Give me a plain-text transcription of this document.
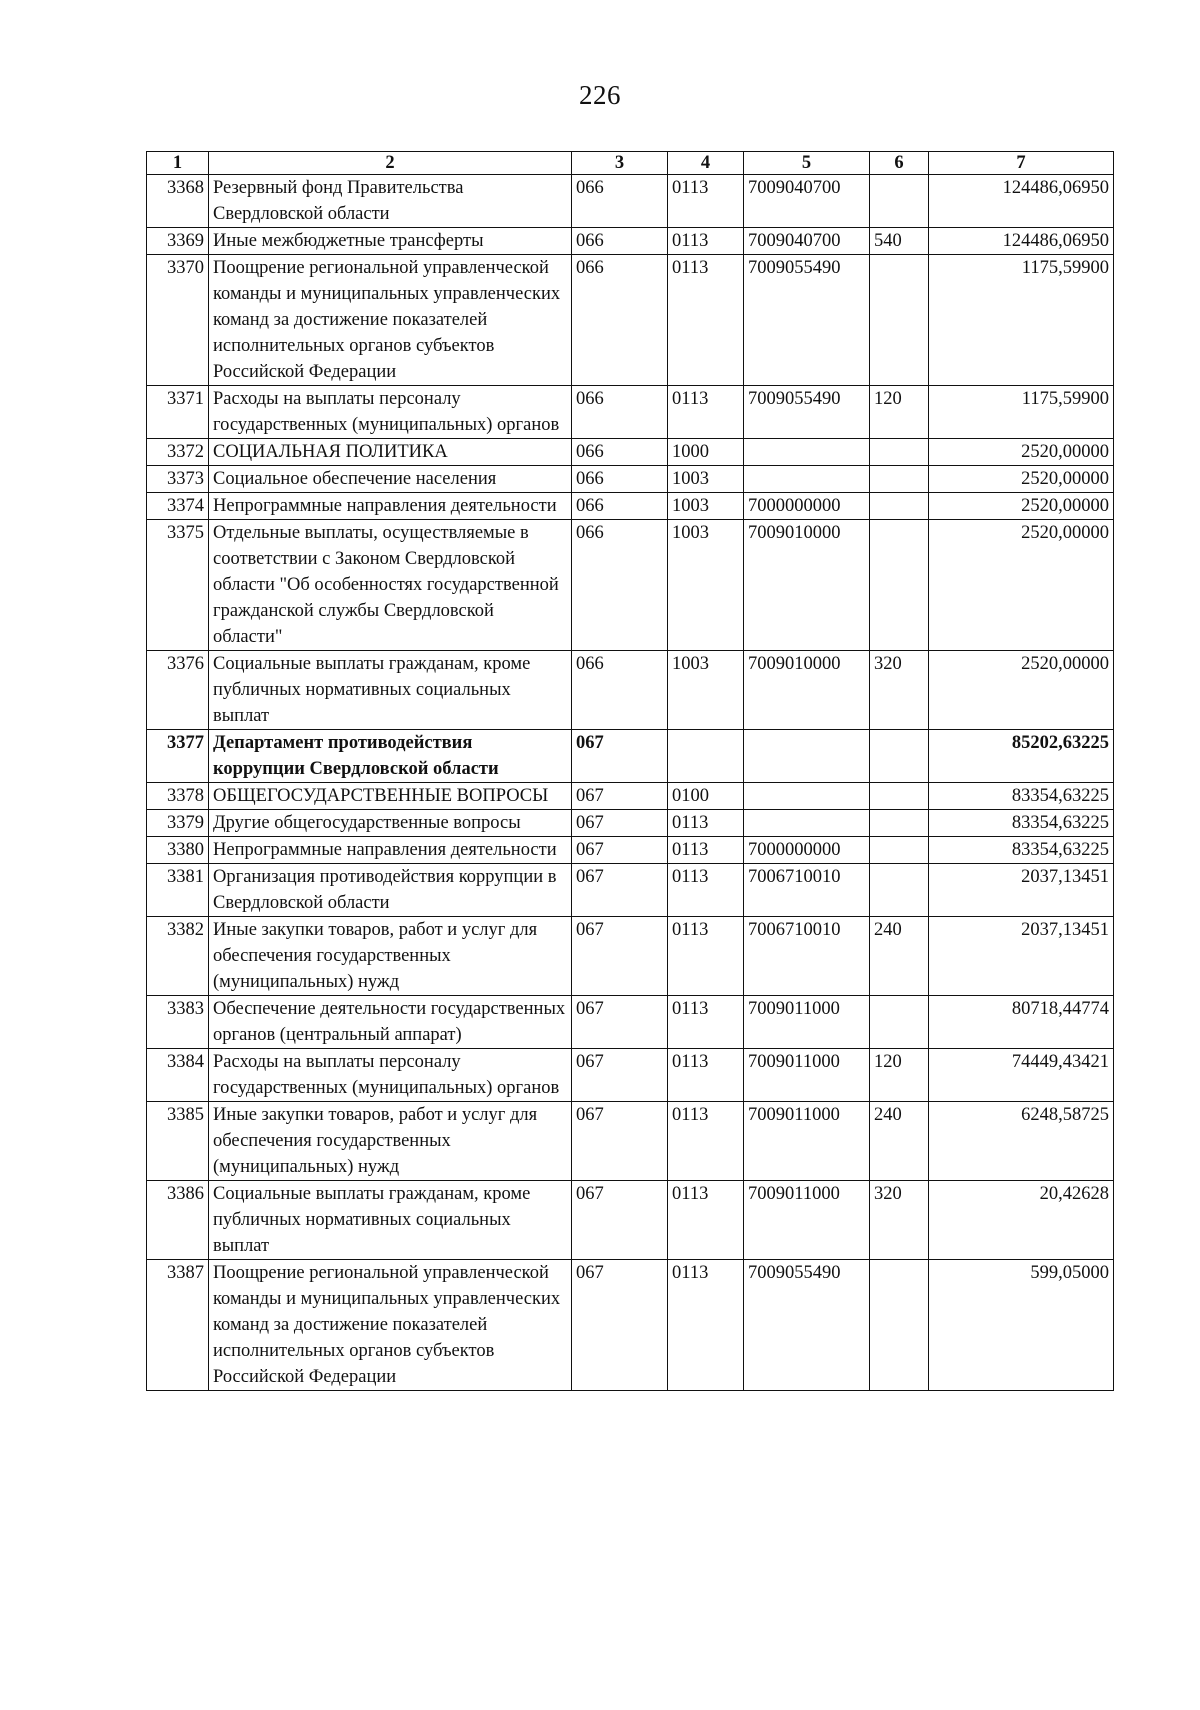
226
1	2	3	4	5	6	7
3368	Резервный фонд Правительства Свердловской области	066	0113	7009040700		124486,06950
3369	Иные межбюджетные трансферты	066	0113	7009040700	540	124486,06950
3370	Поощрение региональной управленческой команды и муниципальных управленческих команд за достижение показателей исполнительных органов субъектов Российской Федерации	066	0113	7009055490		1175,59900
3371	Расходы на выплаты персоналу государственных (муниципальных) органов	066	0113	7009055490	120	1175,59900
3372	СОЦИАЛЬНАЯ ПОЛИТИКА	066	1000			2520,00000
3373	Социальное обеспечение населения	066	1003			2520,00000
3374	Непрограммные направления деятельности	066	1003	7000000000		2520,00000
3375	Отдельные выплаты, осуществляемые в соответствии с Законом Свердловской области "Об особенностях государственной гражданской службы Свердловской области"	066	1003	7009010000		2520,00000
3376	Социальные выплаты гражданам, кроме публичных нормативных социальных выплат	066	1003	7009010000	320	2520,00000
3377	Департамент противодействия коррупции Свердловской области	067				85202,63225
3378	ОБЩЕГОСУДАРСТВЕННЫЕ ВОПРОСЫ	067	0100			83354,63225
3379	Другие общегосударственные вопросы	067	0113			83354,63225
3380	Непрограммные направления деятельности	067	0113	7000000000		83354,63225
3381	Организация противодействия коррупции в Свердловской области	067	0113	7006710010		2037,13451
3382	Иные закупки товаров, работ и услуг для обеспечения государственных (муниципальных) нужд	067	0113	7006710010	240	2037,13451
3383	Обеспечение деятельности государственных органов (центральный аппарат)	067	0113	7009011000		80718,44774
3384	Расходы на выплаты персоналу государственных (муниципальных) органов	067	0113	7009011000	120	74449,43421
3385	Иные закупки товаров, работ и услуг для обеспечения государственных (муниципальных) нужд	067	0113	7009011000	240	6248,58725
3386	Социальные выплаты гражданам, кроме публичных нормативных социальных выплат	067	0113	7009011000	320	20,42628
3387	Поощрение региональной управленческой команды и муниципальных управленческих команд за достижение показателей исполнительных органов субъектов Российской Федерации	067	0113	7009055490		599,05000
